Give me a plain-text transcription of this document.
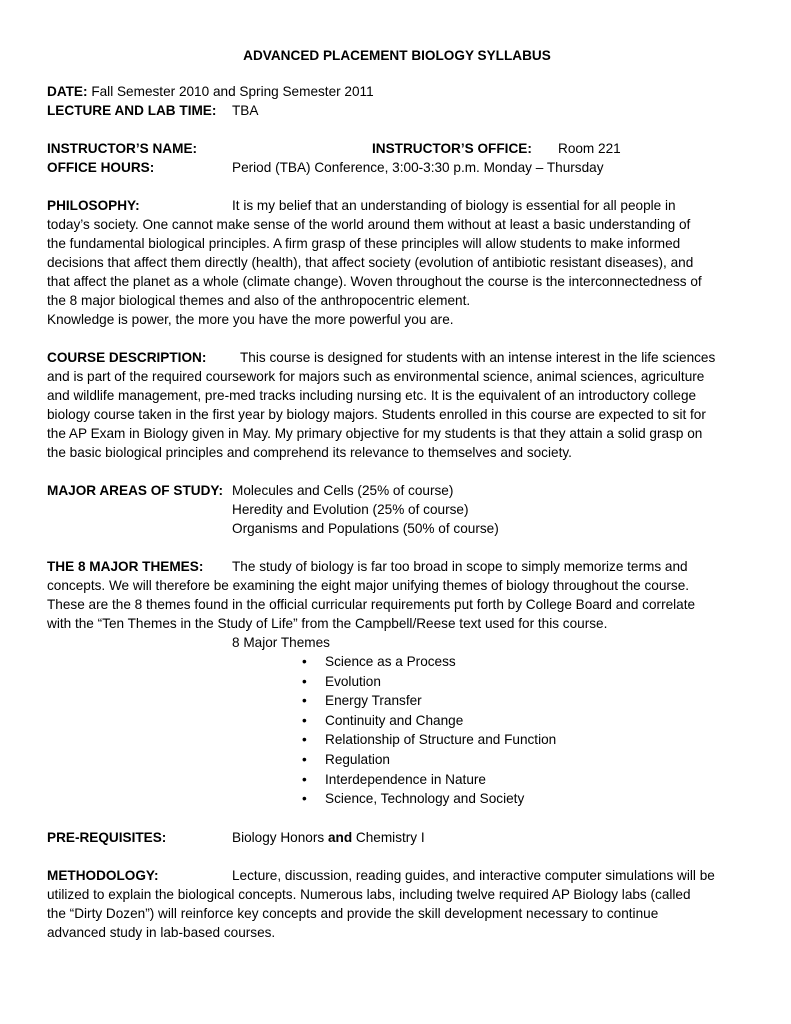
ADVANCED PLACEMENT BIOLOGY SYLLABUS
DATE: Fall Semester 2010 and Spring Semester 2011
LECTURE AND LAB TIME: TBA
INSTRUCTOR’S NAME:	INSTRUCTOR’S OFFICE: Room 221
OFFICE HOURS:	Period (TBA) Conference, 3:00-3:30 p.m. Monday – Thursday
PHILOSOPHY:	It is my belief that an understanding of biology is essential for all people in
today’s society. One cannot make sense of the world around them without at least a basic understanding of
the fundamental biological principles. A firm grasp of these principles will allow students to make informed
decisions that affect them directly (health), that affect society (evolution of antibiotic resistant diseases), and
that affect the planet as a whole (climate change). Woven throughout the course is the interconnectedness of
the 8 major biological themes and also of the anthropocentric element.
Knowledge is power, the more you have the more powerful you are.
COURSE DESCRIPTION: This course is designed for students with an intense interest in the life sciences
and is part of the required coursework for majors such as environmental science, animal sciences, agriculture
and wildlife management, pre-med tracks including nursing etc. It is the equivalent of an introductory college
biology course taken in the first year by biology majors. Students enrolled in this course are expected to sit for
the AP Exam in Biology given in May. My primary objective for my students is that they attain a solid grasp on
the basic biological principles and comprehend its relevance to themselves and society.
MAJOR AREAS OF STUDY: Molecules and Cells (25% of course)
Heredity and Evolution (25% of course)
Organisms and Populations (50% of course)
THE 8 MAJOR THEMES: The study of biology is far too broad in scope to simply memorize terms and
concepts. We will therefore be examining the eight major unifying themes of biology throughout the course.
These are the 8 themes found in the official curricular requirements put forth by College Board and correlate
with the “Ten Themes in the Study of Life” from the Campbell/Reese text used for this course.
8 Major Themes
• Science as a Process
• Evolution
• Energy Transfer
• Continuity and Change
• Relationship of Structure and Function
• Regulation
• Interdependence in Nature
• Science, Technology and Society
PRE-REQUISITES:	Biology Honors and Chemistry I
METHODOLOGY:	Lecture, discussion, reading guides, and interactive computer simulations will be
utilized to explain the biological concepts. Numerous labs, including twelve required AP Biology labs (called
the “Dirty Dozen”) will reinforce key concepts and provide the skill development necessary to continue
advanced study in lab-based courses.
